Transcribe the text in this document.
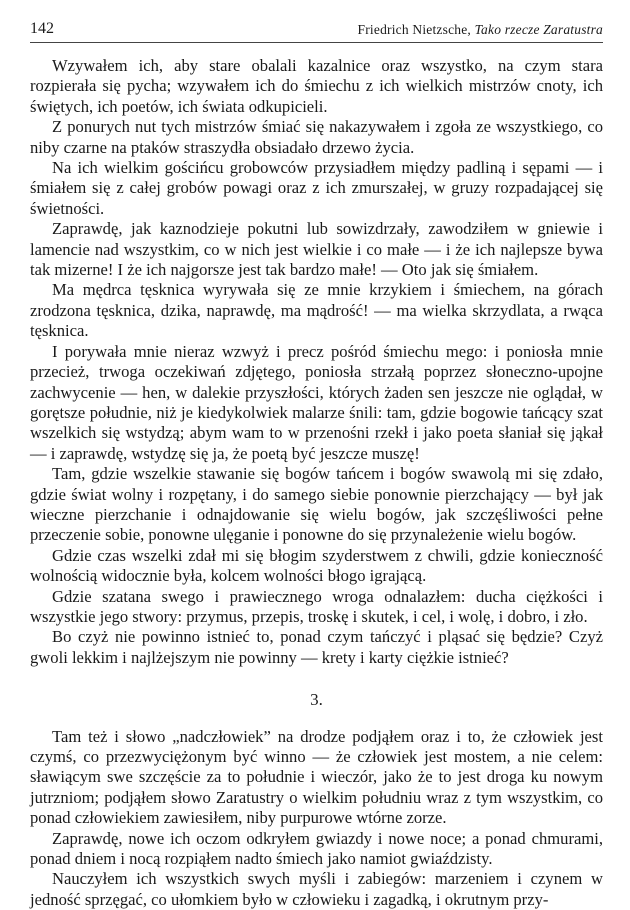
142	Friedrich Nietzsche, Tako rzecze Zaratustra

Wzywałem ich, aby stare obalali kazalnice oraz wszystko, na czym stara rozpierała się pycha; wzywałem ich do śmiechu z ich wielkich mistrzów cnoty, ich świętych, ich poetów, ich świata odkupicieli.

Z ponurych nut tych mistrzów śmiać się nakazywałem i zgoła ze wszystkiego, co niby czarne na ptaków straszydła obsiadało drzewo życia.

Na ich wielkim gościńcu grobowców przysiadłem między padliną i sępami — i śmiałem się z całej grobów powagi oraz z ich zmurszałej, w gruzy rozpadającej się świetności.

Zaprawdę, jak kaznodzieje pokutni lub sowizdrzały, zawodziłem w gniewie i lamencie nad wszystkim, co w nich jest wielkie i co małe — i że ich najlepsze bywa tak mizerne! I że ich najgorsze jest tak bardzo małe! — Oto jak się śmiałem.

Ma mędrca tęsknica wyrywała się ze mnie krzykiem i śmiechem, na górach zrodzona tęsknica, dzika, naprawdę, ma mądrość! — ma wielka skrzydlata, a rwąca tęsknica.

I porywała mnie nieraz wzwyż i precz pośród śmiechu mego: i poniosła mnie przecież, trwoga oczekiwań zdjętego, poniosła strzałą poprzez słoneczno-upojne zachwycenie — hen, w dalekie przyszłości, których żaden sen jeszcze nie oglądał, w gorętsze południe, niż je kiedykolwiek malarze śnili: tam, gdzie bogowie tańcący szat wszelkich się wstydzą; abym wam to w przenośni rzekł i jako poeta słaniał się jąkał — i zaprawdę, wstydzę się ja, że poetą być jeszcze muszę!

Tam, gdzie wszelkie stawanie się bogów tańcem i bogów swawolą mi się zdało, gdzie świat wolny i rozpętany, i do samego siebie ponownie pierzchający — był jak wieczne pierzchanie i odnajdowanie się wielu bogów, jak szczęśliwości pełne przeczenie sobie, ponowne ulęganie i ponowne do się przynależenie wielu bogów.

Gdzie czas wszelki zdał mi się błogim szyderstwem z chwili, gdzie konieczność wolnością widocznie była, kolcem wolności błogo igrającą.

Gdzie szatana swego i prawiecznego wroga odnalazłem: ducha ciężkości i wszystkie jego stwory: przymus, przepis, troskę i skutek, i cel, i wolę, i dobro, i zło.

Bo czyż nie powinno istnieć to, ponad czym tańczyć i pląsać się będzie? Czyż gwoli lekkim i najlżejszym nie powinny — krety i karty ciężkie istnieć?

3.

Tam też i słowo „nadczłowiek” na drodze podjąłem oraz i to, że człowiek jest czymś, co przezwyciężonym być winno — że człowiek jest mostem, a nie celem: sławiącym swe szczęście za to południe i wieczór, jako że to jest droga ku nowym jutrzniom; podjąłem słowo Zaratustry o wielkim południu wraz z tym wszystkim, co ponad człowiekiem zawiesiłem, niby purpurowe wtórne zorze.

Zaprawdę, nowe ich oczom odkryłem gwiazdy i nowe noce; a ponad chmurami, ponad dniem i nocą rozpiąłem nadto śmiech jako namiot gwiaździsty.

Nauczyłem ich wszystkich swych myśli i zabiegów: marzeniem i czynem w jedność sprzęgać, co ułomkiem było w człowieku i zagadką, i okrutnym przy-
